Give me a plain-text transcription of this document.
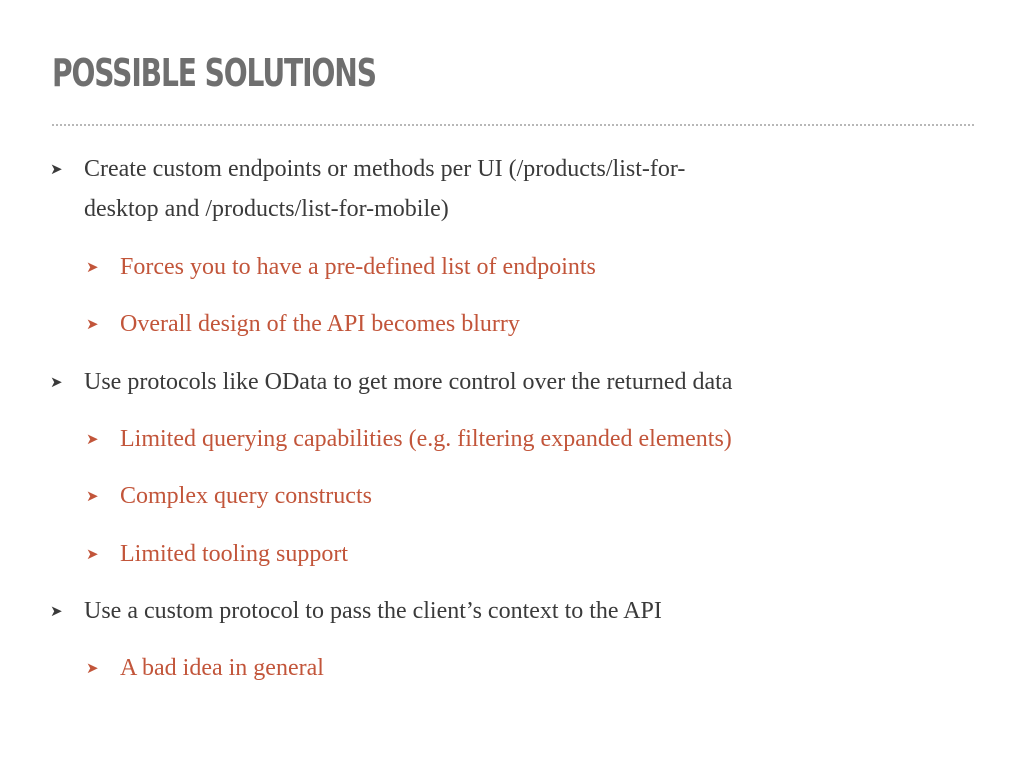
POSSIBLE SOLUTIONS
➤ Create custom endpoints or methods per UI (/products/list-for-
desktop and /products/list-for-mobile)
➤ Forces you to have a pre-defined list of endpoints
➤ Overall design of the API becomes blurry
➤ Use protocols like OData to get more control over the returned data
➤ Limited querying capabilities (e.g. filtering expanded elements)
➤ Complex query constructs
➤ Limited tooling support
➤ Use a custom protocol to pass the client’s context to the API
➤ A bad idea in general
